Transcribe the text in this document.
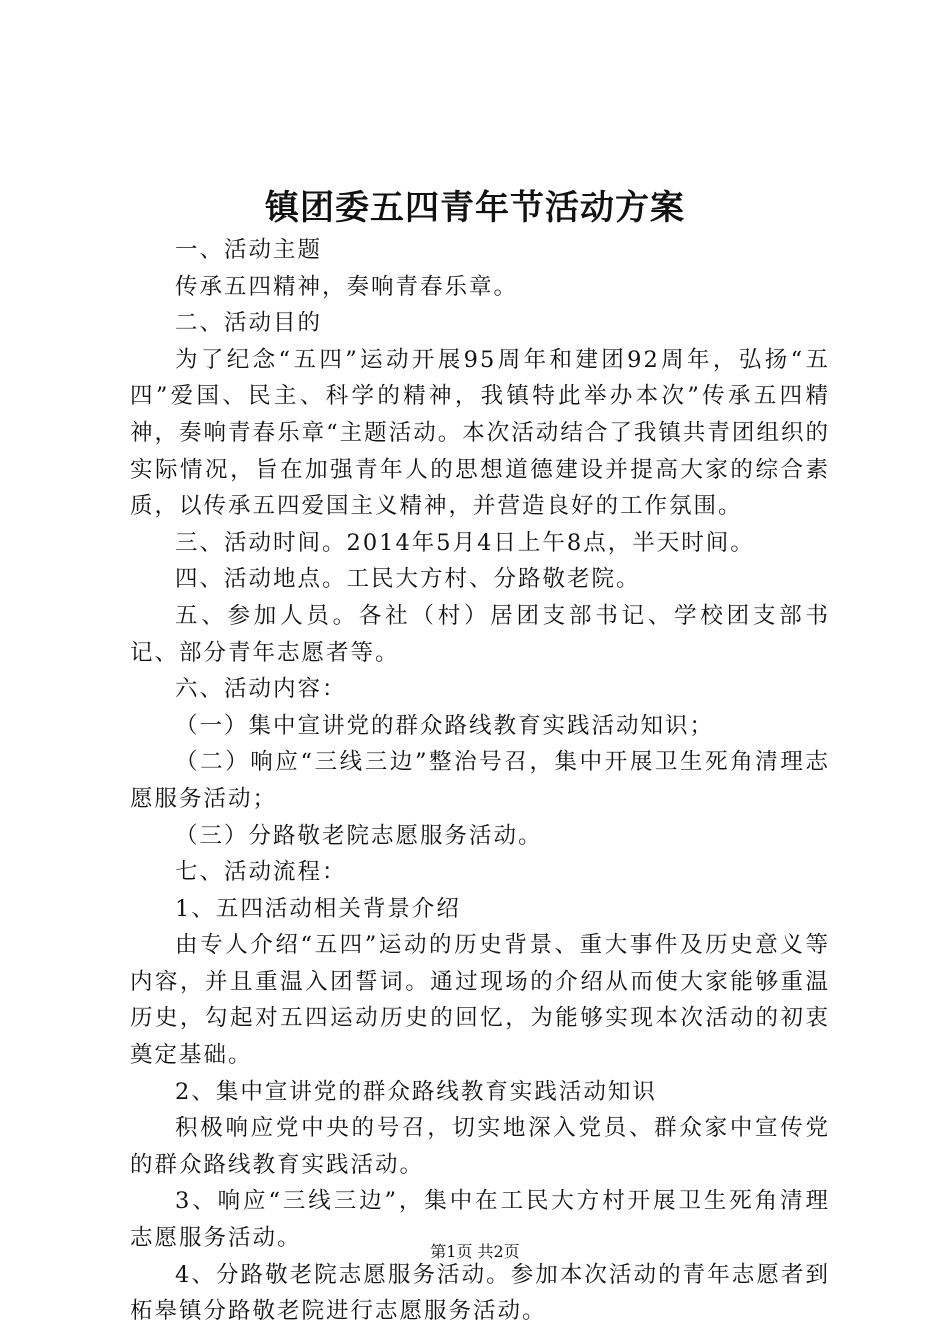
镇团委五四青年节活动方案

一、活动主题

传承五四精神，奏响青春乐章。

二、活动目的

为了纪念“五四”运动开展95周年和建团92周年，弘扬“五四”爱国、民主、科学的精神，我镇特此举办本次”传承五四精神，奏响青春乐章“主题活动。本次活动结合了我镇共青团组织的实际情况，旨在加强青年人的思想道德建设并提高大家的综合素质，以传承五四爱国主义精神，并营造良好的工作氛围。

三、活动时间。2014年5月4日上午8点，半天时间。

四、活动地点。工民大方村、分路敬老院。

五、参加人员。各社（村）居团支部书记、学校团支部书记、部分青年志愿者等。

六、活动内容：

（一）集中宣讲党的群众路线教育实践活动知识；

（二）响应“三线三边”整治号召，集中开展卫生死角清理志愿服务活动；

（三）分路敬老院志愿服务活动。

七、活动流程：

1、五四活动相关背景介绍

由专人介绍“五四”运动的历史背景、重大事件及历史意义等内容，并且重温入团誓词。通过现场的介绍从而使大家能够重温历史，勾起对五四运动历史的回忆，为能够实现本次活动的初衷奠定基础。

2、集中宣讲党的群众路线教育实践活动知识

积极响应党中央的号召，切实地深入党员、群众家中宣传党的群众路线教育实践活动。

3、响应“三线三边”，集中在工民大方村开展卫生死角清理志愿服务活动。

4、分路敬老院志愿服务活动。参加本次活动的青年志愿者到柘皋镇分路敬老院进行志愿服务活动。

第1页 共2页
